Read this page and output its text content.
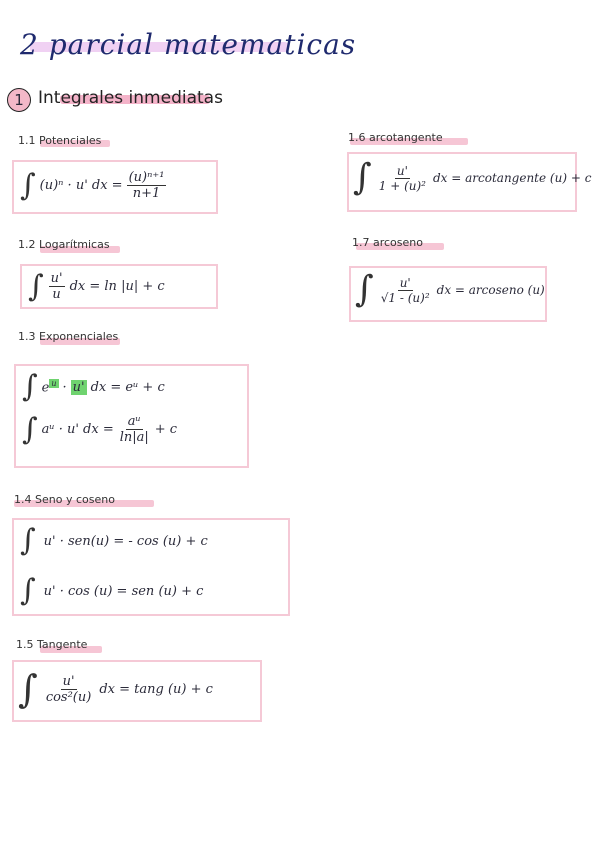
2 parcial matematicas
1 Integrales inmediatas
1.1 Potenciales
∫ (u)ⁿ · u' dx = $\frac{\text{(u)ⁿ⁺¹}}{n+1}$
1.2 Logarítmicas
∫ $\frac{u'}{u}$ dx = ln |u| + c
1.3 Exponenciales
∫ e $^u$ · u' dx = eᵘ + c
∫ aᵘ · u' dx = $\frac{\text{aᵘ}}{\ln|a|} + c$
1.4 Seno y coseno
∫ u' · sen(u) = - cos (u) + c
∫ u' · cos (u) = sen (u) + c
1.5 Tangente
∫ $\frac{u'}{\text{cos²(u)}}$ dx = tang (u) + c
1.6 arcotangente
∫ $\frac{u'}{\text{1 + (u)²}}$ dx = arcotangente (u) + c
1.7 arcoseno
∫ $\frac{u'}{\text{√1 - (u)²}}$ dx = arcoseno (u)
